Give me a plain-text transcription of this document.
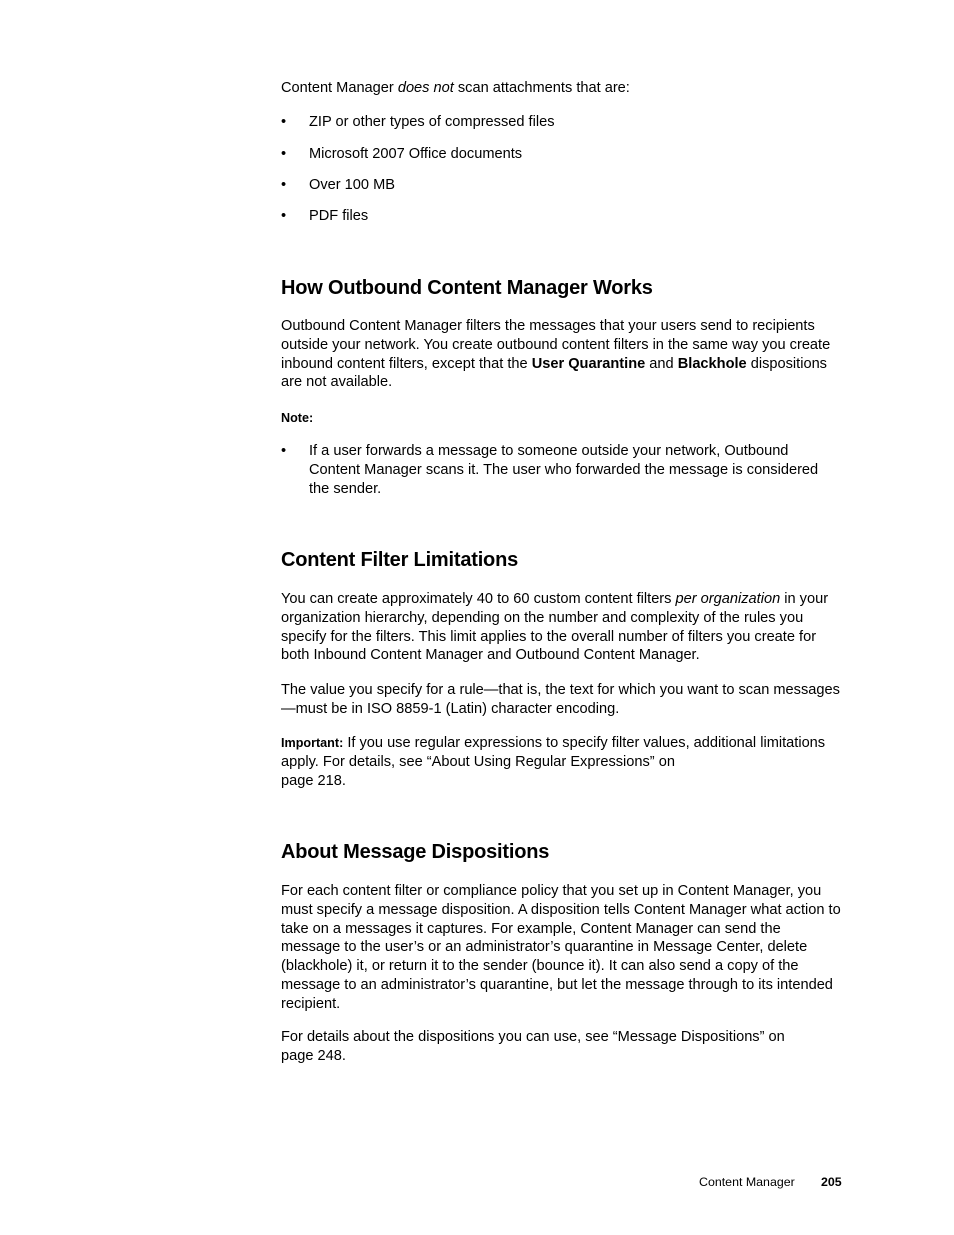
Content Manager does not scan attachments that are:

• ZIP or other types of compressed files
• Microsoft 2007 Office documents
• Over 100 MB
• PDF files
How Outbound Content Manager Works

Outbound Content Manager filters the messages that your users send to recipients outside your network. You create outbound content filters in the same way you create inbound content filters, except that the User Quarantine and Blackhole dispositions are not available.

Note:
• If a user forwards a message to someone outside your network, Outbound Content Manager scans it. The user who forwarded the message is considered the sender.
Content Filter Limitations

You can create approximately 40 to 60 custom content filters per organization in your organization hierarchy, depending on the number and complexity of the rules you specify for the filters. This limit applies to the overall number of filters you create for both Inbound Content Manager and Outbound Content Manager.

The value you specify for a rule—that is, the text for which you want to scan messages—must be in ISO 8859-1 (Latin) character encoding.

Important: If you use regular expressions to specify filter values, additional limitations apply. For details, see “About Using Regular Expressions” on
page 218.

About Message Dispositions

For each content filter or compliance policy that you set up in Content Manager, you must specify a message disposition. A disposition tells Content Manager what action to take on a messages it captures. For example, Content Manager can send the message to the user’s or an administrator’s quarantine in Message Center, delete (blackhole) it, or return it to the sender (bounce it). It can also send a copy of the message to an administrator’s quarantine, but let the message through to its intended recipient.

For details about the dispositions you can use, see “Message Dispositions” on
page 248.

Content Manager 205
